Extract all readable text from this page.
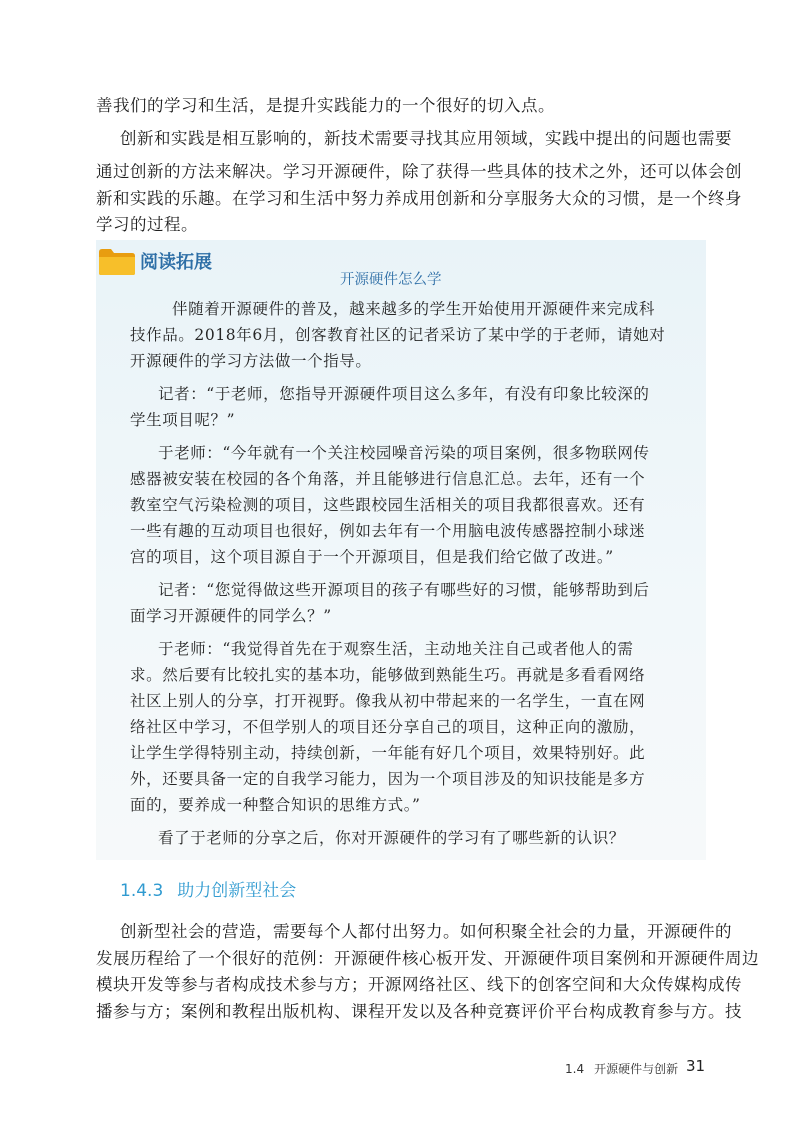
善我们的学习和生活，是提升实践能力的一个很好的切入点。
创新和实践是相互影响的，新技术需要寻找其应用领域，实践中提出的问题也需要
通过创新的方法来解决。学习开源硬件，除了获得一些具体的技术之外，还可以体会创
新和实践的乐趣。在学习和生活中努力养成用创新和分享服务大众的习惯，是一个终身
学习的过程。
阅读拓展
开源硬件怎么学
伴随着开源硬件的普及，越来越多的学生开始使用开源硬件来完成科
技作品。2018年6月，创客教育社区的记者采访了某中学的于老师，请她对
开源硬件的学习方法做一个指导。
记者：“于老师，您指导开源硬件项目这么多年，有没有印象比较深的
学生项目呢？”
于老师：“今年就有一个关注校园噪音污染的项目案例，很多物联网传
感器被安装在校园的各个角落，并且能够进行信息汇总。去年，还有一个
教室空气污染检测的项目，这些跟校园生活相关的项目我都很喜欢。还有
一些有趣的互动项目也很好，例如去年有一个用脑电波传感器控制小球迷
宫的项目，这个项目源自于一个开源项目，但是我们给它做了改进。”
记者：“您觉得做这些开源项目的孩子有哪些好的习惯，能够帮助到后
面学习开源硬件的同学么？”
于老师：“我觉得首先在于观察生活，主动地关注自己或者他人的需
求。然后要有比较扎实的基本功，能够做到熟能生巧。再就是多看看网络
社区上别人的分享，打开视野。像我从初中带起来的一名学生，一直在网
络社区中学习，不但学别人的项目还分享自己的项目，这种正向的激励，
让学生学得特别主动，持续创新，一年能有好几个项目，效果特别好。此
外，还要具备一定的自我学习能力，因为一个项目涉及的知识技能是多方
面的，要养成一种整合知识的思维方式。”
看了于老师的分享之后，你对开源硬件的学习有了哪些新的认识？
1.4.3 助力创新型社会
创新型社会的营造，需要每个人都付出努力。如何积聚全社会的力量，开源硬件的
发展历程给了一个很好的范例：开源硬件核心板开发、开源硬件项目案例和开源硬件周边
模块开发等参与者构成技术参与方；开源网络社区、线下的创客空间和大众传媒构成传
播参与方；案例和教程出版机构、课程开发以及各种竞赛评价平台构成教育参与方。技
1.4 开源硬件与创新 31
